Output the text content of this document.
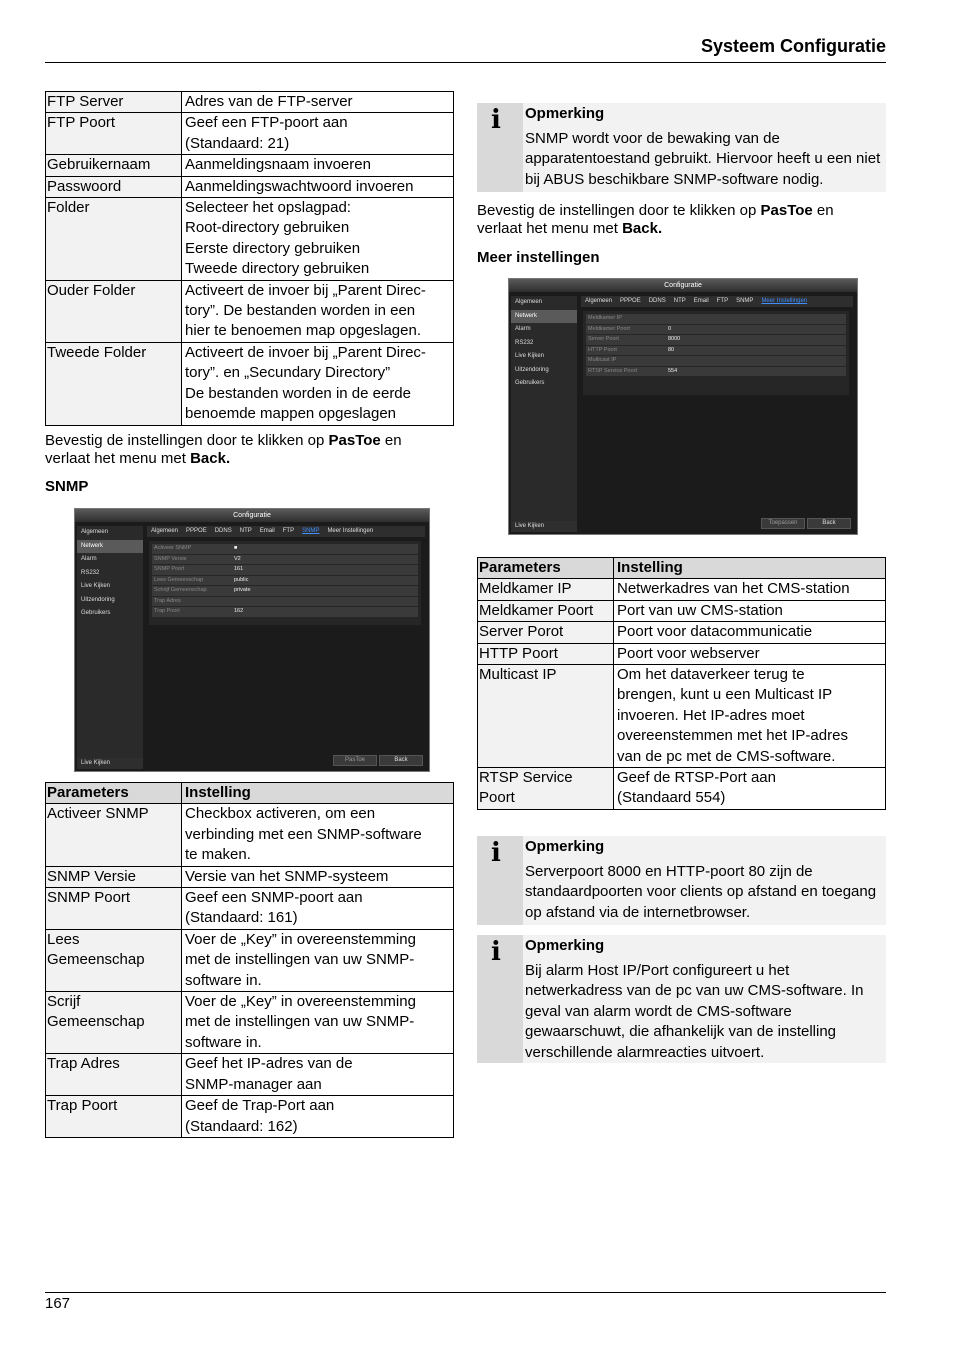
Systeem Configuratie
FTP Server	Adres van de FTP-server
FTP Poort	Geef een FTP-poort aan
(Standaard: 21)
Gebruikernaam	Aanmeldingsnaam invoeren
Passwoord	Aanmeldingswachtwoord invoeren
Folder	Selecteer het opslagpad:
Root-directory gebruiken
Eerste directory gebruiken
Tweede directory gebruiken
Ouder Folder	Activeert de invoer bij „Parent Direc-
tory”. De bestanden worden in een
hier te benoemen map opgeslagen.
Tweede Folder	Activeert de invoer bij „Parent Direc-
tory”. en „Secundary Directory”
De bestanden worden in de eerde
benoemde mappen opgeslagen
Bevestig de instellingen door te klikken op PasToe en
verlaat het menu met Back.
SNMP
Configuratie
Algemeen
Netwerk
Alarm
RS232
Live Kijken
Uitzendoring
Gebruikers
Live Kijken
Algemeen PPPOE DDNS NTP Email FTP SNMP Meer Instellingen
Activeer SNMP	■
SNMP Versie	V2
SNMP Poort	161
Lees Gemeenschap	public
Schrijf Gemeenschap	private
Trap Adres
Trap Poort	162
PasToe	Back
Parameters	Instelling
Activeer SNMP	Checkbox activeren, om een
verbinding met een SNMP-software
te maken.
SNMP Versie	Versie van het SNMP-systeem
SNMP Poort	Geef een SNMP-poort aan
(Standaard: 161)
Lees
Gemeenschap	Voer de „Key” in overeenstemming
met de instellingen van uw SNMP-
software in.
Scrijf
Gemeenschap	Voer de „Key” in overeenstemming
met de instellingen van uw SNMP-
software in.
Trap Adres	Geef het IP-adres van de
SNMP-manager aan
Trap Poort	Geef de Trap-Port aan
(Standaard: 162)
i Opmerking
SNMP wordt voor de bewaking van de apparatentoestand gebruikt. Hiervoor heeft u een niet bij ABUS beschikbare SNMP-software nodig.
Bevestig de instellingen door te klikken op PasToe en
verlaat het menu met Back.
Meer instellingen
Configuratie
Algemeen
Netwerk
Alarm
RS232
Live Kijken
Uitzendoring
Gebruikers
Live Kijken
Algemeen PPPOE DDNS NTP Email FTP SNMP Meer Instellingen
Meldkamer IP
Meldkamer Poort	0
Server Poort	8000
HTTP Poort	80
Multicast IP
RTSP Service Poort	554
Toepassen	Back
Parameters	Instelling
Meldkamer IP	Netwerkadres van het CMS-station
Meldkamer Poort	Port van uw CMS-station
Server Porot	Poort voor datacommunicatie
HTTP Poort	Poort voor webserver
Multicast IP	Om het dataverkeer terug te
brengen, kunt u een Multicast IP
invoeren. Het IP-adres moet
overeenstemmen met het IP-adres
van de pc met de CMS-software.
RTSP Service
Poort	Geef de RTSP-Port aan
(Standaard 554)
i Opmerking
Serverpoort 8000 en HTTP-poort 80 zijn de standaardpoorten voor clients op afstand en toegang op afstand via de internetbrowser.
i Opmerking
Bij alarm Host IP/Port configureert u het netwerkadress van de pc van uw CMS-software. In geval van alarm wordt de CMS-software gewaarschuwt, die afhankelijk van de instelling verschillende alarmreacties uitvoert.
167
